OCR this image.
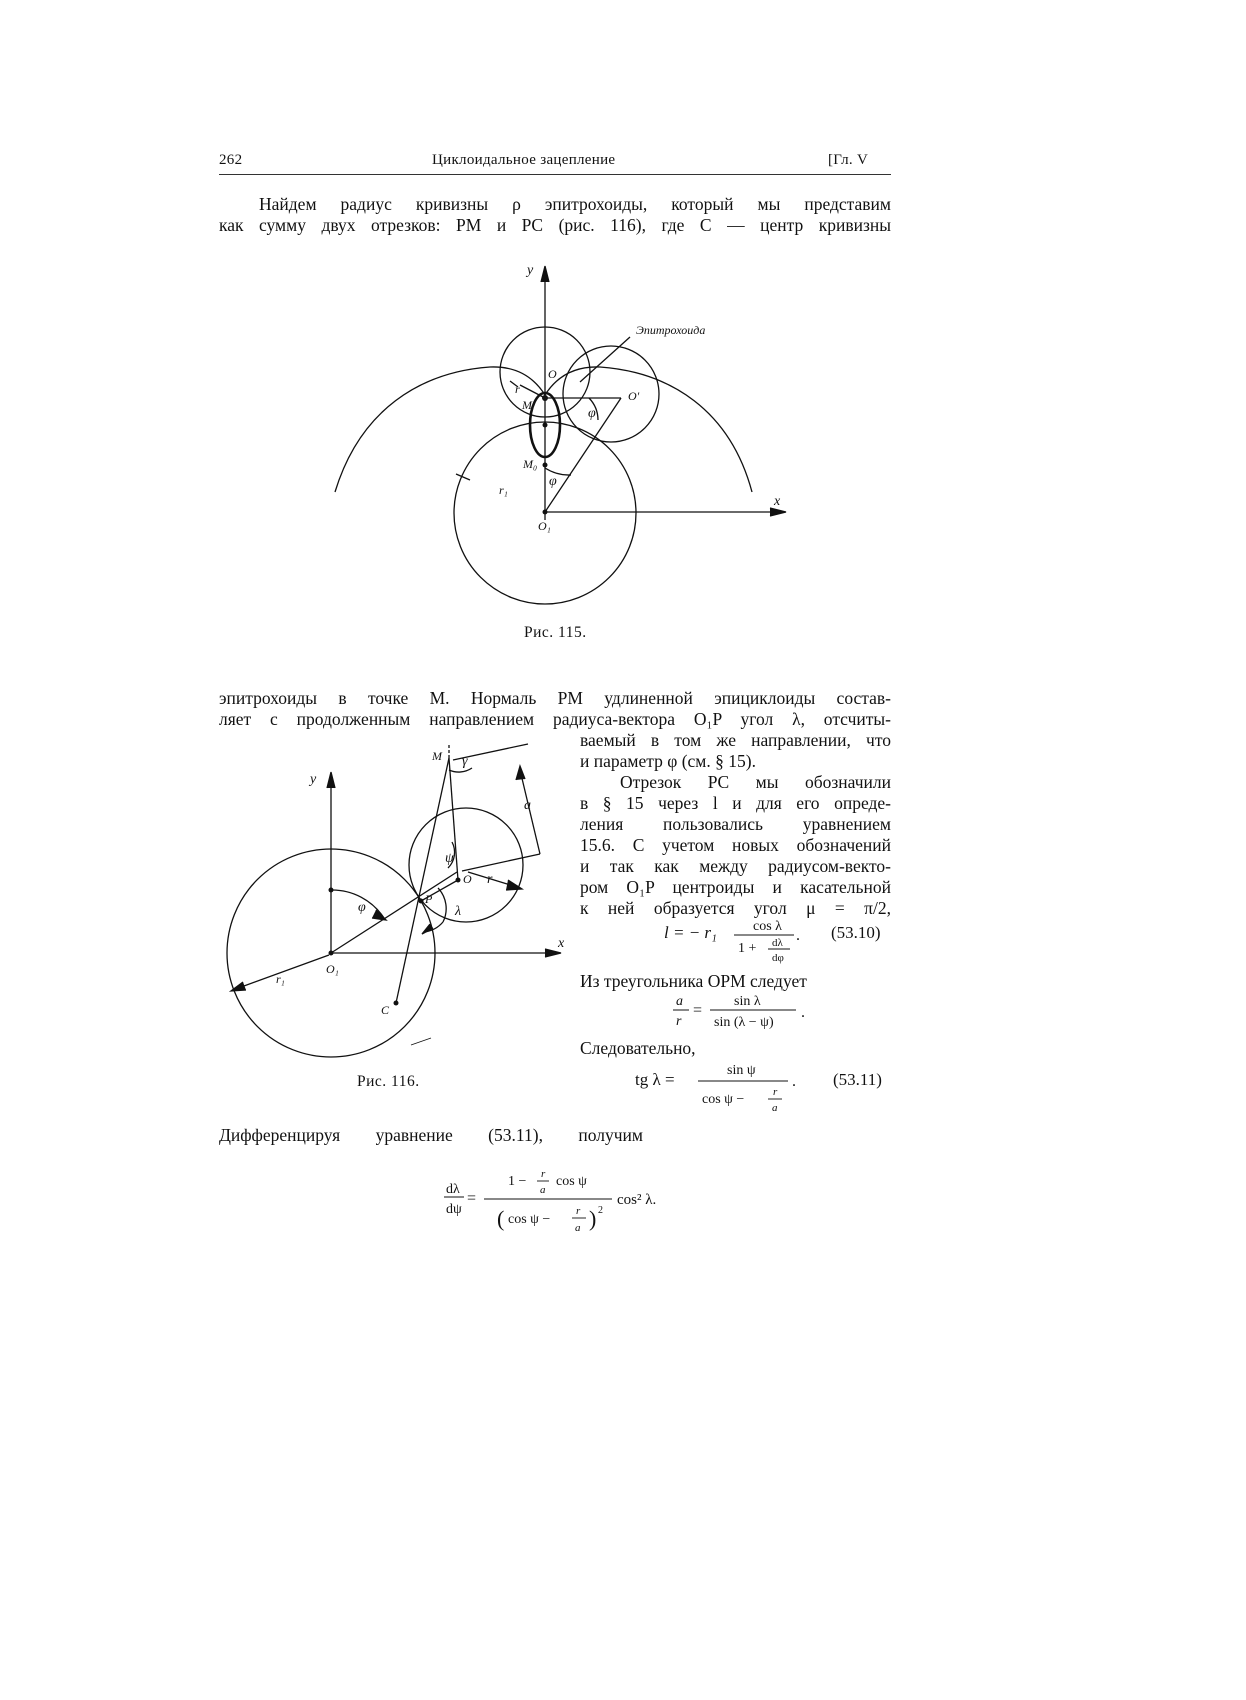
262	Циклоидальное зацепление	[Гл. V
Найдем радиус кривизны ρ эпитрохоиды, который мы представим
как сумму двух отрезков: PM и PC (рис. 116), где C — центр кривизны
y
x
Эпитрохоида
O
O'
r
M
M₀
φ
φ
r₁
O₁
Рис. 115.
эпитрохоиды в точке M. Нормаль PM удлиненной эпициклоиды состав-
ляет с продолженным направлением радиуса-вектора O₁P угол λ, отсчиты-
ваемый в том же направлении, что
и параметр φ (см. § 15).
Отрезок PC мы обозначили
в § 15 через l и для его опреде-
ления пользовались уравнением
15.6. С учетом новых обозначений
и так как между радиусом-векто-
ром O₁P центроиды и касательной
к ней образуется угол μ = π/2,
l = − r₁	cos λ
1 + dλ
dφ
. (53.10)
Из треугольника OPM следует
a
r
=
sin λ
sin (λ − ψ)
.
Следовательно,
tg λ =	sin ψ
cos ψ −	r
a
. (53.11)
y
x
M γ
a
ψ
O r
φ
P
λ
r₁
O₁
C
Рис. 116.
Дифференцируя уравнение (53.11), получим
dλ
dψ
=
1 − r
a
cos ψ
( cos ψ −
r
a ) 2
cos² λ.
